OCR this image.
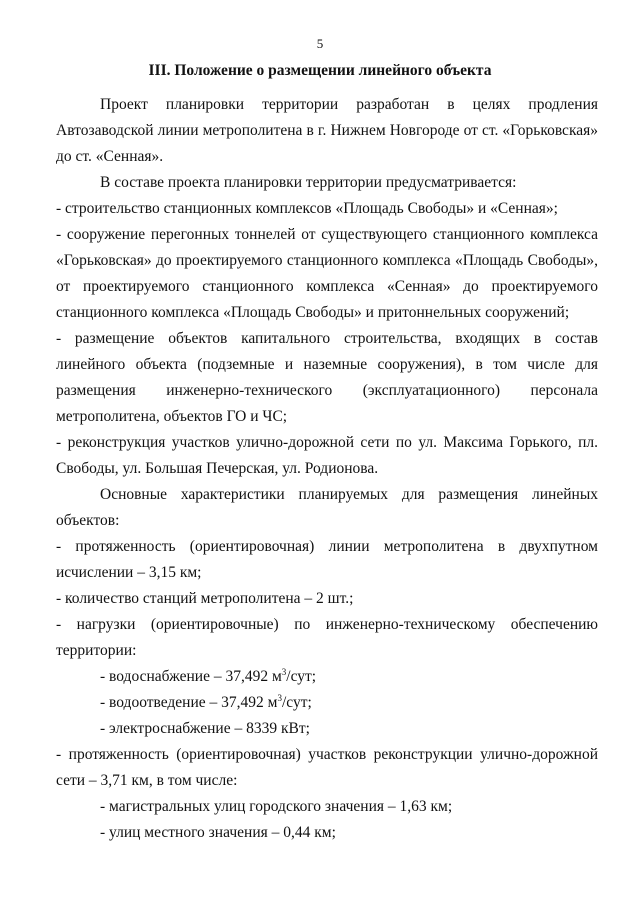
5
III. Положение о размещении линейного объекта

Проект планировки территории разработан в целях продления Автозаводской линии метрополитена в г. Нижнем Новгороде от ст. «Горьковская» до ст. «Сенная».

В составе проекта планировки территории предусматривается:

- строительство станционных комплексов «Площадь Свободы» и «Сенная»;

- сооружение перегонных тоннелей от существующего станционного комплекса «Горьковская» до проектируемого станционного комплекса «Площадь Свободы», от проектируемого станционного комплекса «Сенная» до проектируемого станционного комплекса «Площадь Свободы» и притоннельных сооружений;

- размещение объектов капитального строительства, входящих в состав линейного объекта (подземные и наземные сооружения), в том числе для размещения инженерно-технического (эксплуатационного) персонала метрополитена, объектов ГО и ЧС;

- реконструкция участков улично-дорожной сети по ул. Максима Горького, пл. Свободы, ул. Большая Печерская, ул. Родионова.

Основные характеристики планируемых для размещения линейных объектов:

- протяженность (ориентировочная) линии метрополитена в двухпутном исчислении – 3,15 км;

- количество станций метрополитена – 2 шт.;

- нагрузки (ориентировочные) по инженерно-техническому обеспечению территории:

- водоснабжение – 37,492 $м^3$/сут;

- водоотведение – 37,492 $м^3$/сут;

- электроснабжение – 8339 кВт;

- протяженность (ориентировочная) участков реконструкции улично-дорожной сети – 3,71 км, в том числе:

- магистральных улиц городского значения – 1,63 км;

- улиц местного значения – 0,44 км;
